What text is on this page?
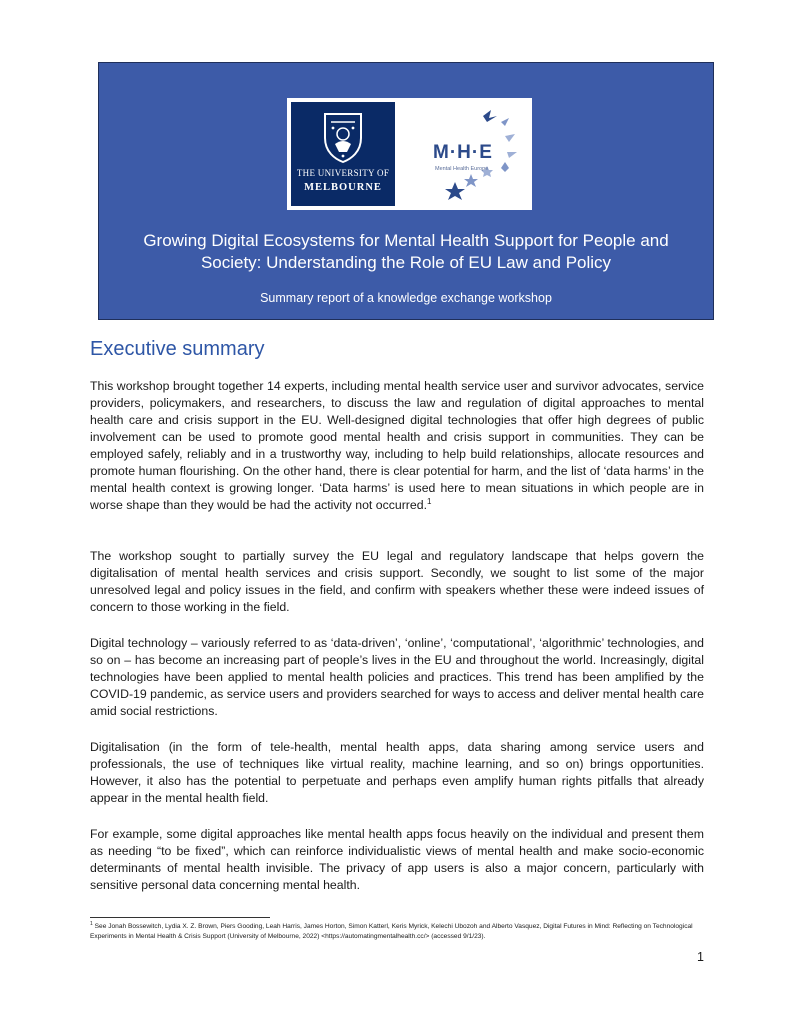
THE UNIVERSITY OF
MELBOURNE
M·H·E
Mental Health Europe
Growing Digital Ecosystems for Mental Health Support for People and
Society: Understanding the Role of EU Law and Policy
Summary report of a knowledge exchange workshop
Executive summary

This workshop brought together 14 experts, including mental health service user and survivor advocates, service providers, policymakers, and researchers, to discuss the law and regulation of digital approaches to mental health care and crisis support in the EU. Well-designed digital technologies that offer high degrees of public involvement can be used to promote good mental health and crisis support in communities. They can be employed safely, reliably and in a trustworthy way, including to help build relationships, allocate resources and promote human flourishing. On the other hand, there is clear potential for harm, and the list of ‘data harms’ in the mental health context is growing longer. ‘Data harms’ is used here to mean situations in which people are in worse shape than they would be had the activity not occurred.$^1$

The workshop sought to partially survey the EU legal and regulatory landscape that helps govern the digitalisation of mental health services and crisis support. Secondly, we sought to list some of the major unresolved legal and policy issues in the field, and confirm with speakers whether these were indeed issues of concern to those working in the field.

Digital technology – variously referred to as ‘data-driven’, ‘online’, ‘computational’, ‘algorithmic’ technologies, and so on – has become an increasing part of people’s lives in the EU and throughout the world. Increasingly, digital technologies have been applied to mental health policies and practices. This trend has been amplified by the COVID-19 pandemic, as service users and providers searched for ways to access and deliver mental health care amid social restrictions.

Digitalisation (in the form of tele-health, mental health apps, data sharing among service users and professionals, the use of techniques like virtual reality, machine learning, and so on) brings opportunities. However, it also has the potential to perpetuate and perhaps even amplify human rights pitfalls that already appear in the mental health field.

For example, some digital approaches like mental health apps focus heavily on the individual and present them as needing “to be fixed”, which can reinforce individualistic views of mental health and make socio-economic determinants of mental health invisible. The privacy of app users is also a major concern, particularly with sensitive personal data concerning mental health.

$^1$ See Jonah Bossewitch, Lydia X. Z. Brown, Piers Gooding, Leah Harris, James Horton, Simon Katterl, Keris Myrick, Kelechi Ubozoh and Alberto Vasquez, Digital Futures in Mind: Reflecting on Technological Experiments in Mental Health & Crisis Support (University of Melbourne, 2022) <https://automatingmentalhealth.cc/> (accessed 9/1/23).

1
